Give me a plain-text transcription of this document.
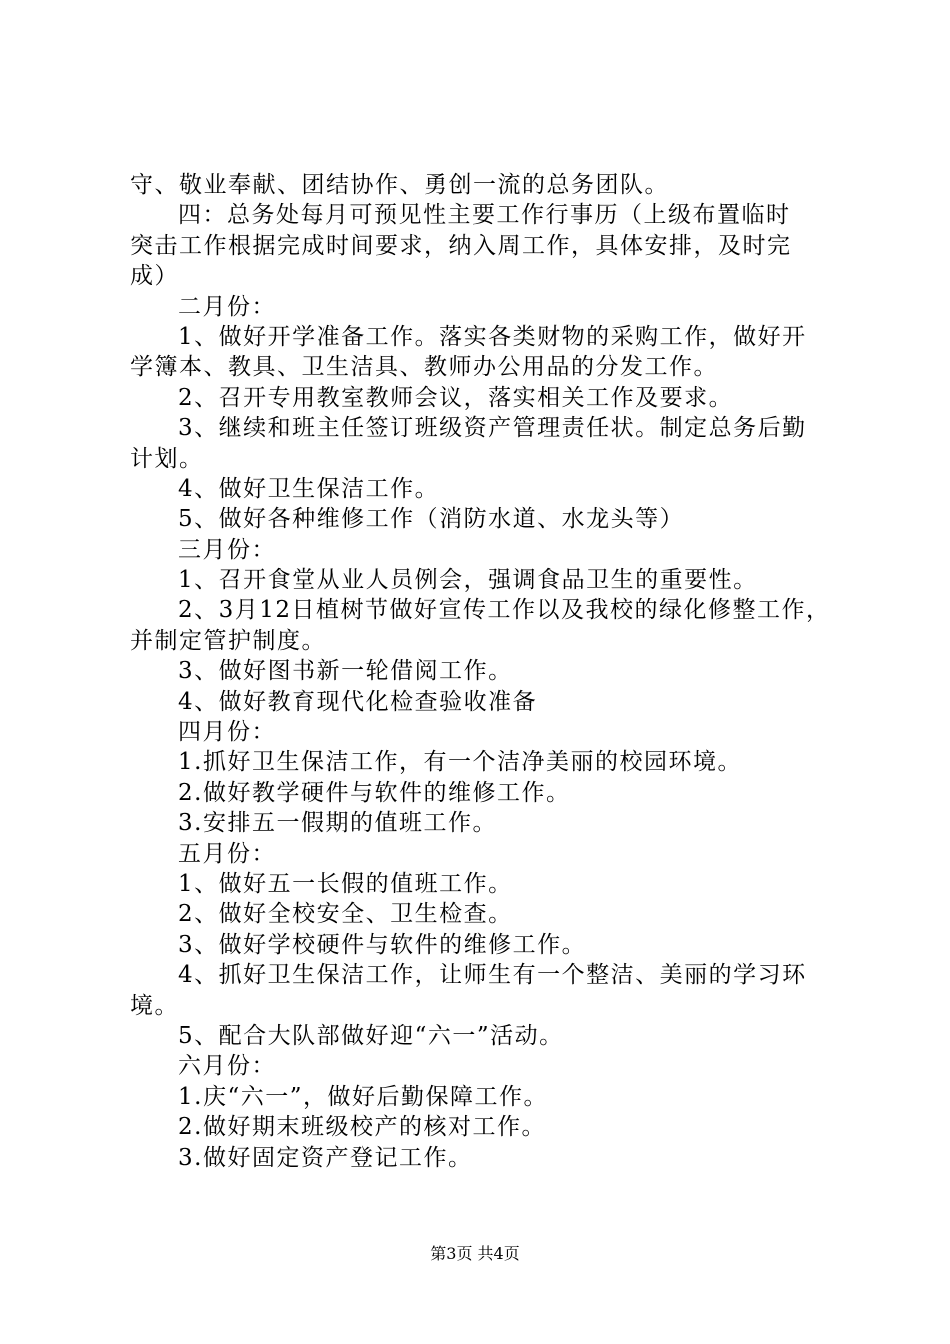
守、敬业奉献、团结协作、勇创一流的总务团队。
四：总务处每月可预见性主要工作行事历（上级布置临时
突击工作根据完成时间要求，纳入周工作，具体安排，及时完
成）
二月份：
1、做好开学准备工作。落实各类财物的采购工作，做好开
学簿本、教具、卫生洁具、教师办公用品的分发工作。
2、召开专用教室教师会议，落实相关工作及要求。
3、继续和班主任签订班级资产管理责任状。制定总务后勤
计划。
4、做好卫生保洁工作。
5、做好各种维修工作（消防水道、水龙头等）
三月份：
1、召开食堂从业人员例会，强调食品卫生的重要性。
2、3月12日植树节做好宣传工作以及我校的绿化修整工作，
并制定管护制度。
3、做好图书新一轮借阅工作。
4、做好教育现代化检查验收准备
四月份：
1.抓好卫生保洁工作，有一个洁净美丽的校园环境。
2.做好教学硬件与软件的维修工作。
3.安排五一假期的值班工作。
五月份：
1、做好五一长假的值班工作。
2、做好全校安全、卫生检查。
3、做好学校硬件与软件的维修工作。
4、抓好卫生保洁工作，让师生有一个整洁、美丽的学习环
境。
5、配合大队部做好迎“六一”活动。
六月份：
1.庆“六一”，做好后勤保障工作。
2.做好期末班级校产的核对工作。
3.做好固定资产登记工作。
第3页 共4页
